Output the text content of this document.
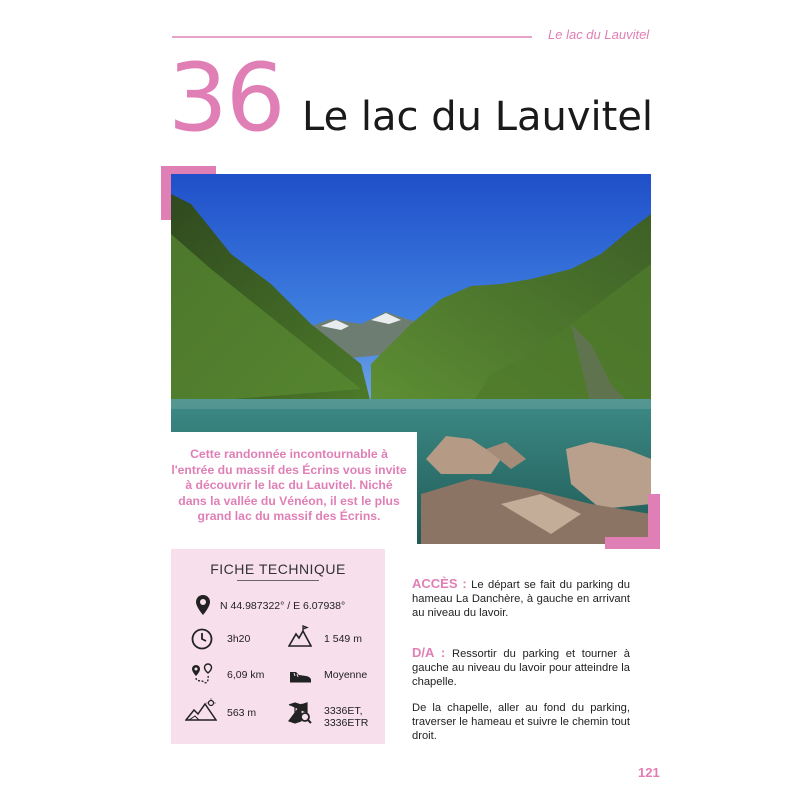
Le lac du Lauvitel
36 Le lac du Lauvitel
Cette randonnée incontournable à l'entrée du massif des Écrins vous invite à découvrir le lac du Lauvitel. Niché dans la vallée du Vénéon, il est le plus grand lac du massif des Écrins.
FICHE TECHNIQUE
N 44.987322° / E 6.07938°
3h20	1 549 m
6,09 km	Moyenne
563 m	3336ET,
3336ETR

ACCÈS : Le départ se fait du parking du hameau La Danchère, à gauche en arrivant au niveau du lavoir.

D/A : Ressortir du parking et tourner à gauche au niveau du lavoir pour atteindre la chapelle.

De la chapelle, aller au fond du parking, traverser le hameau et suivre le chemin tout droit.

121
